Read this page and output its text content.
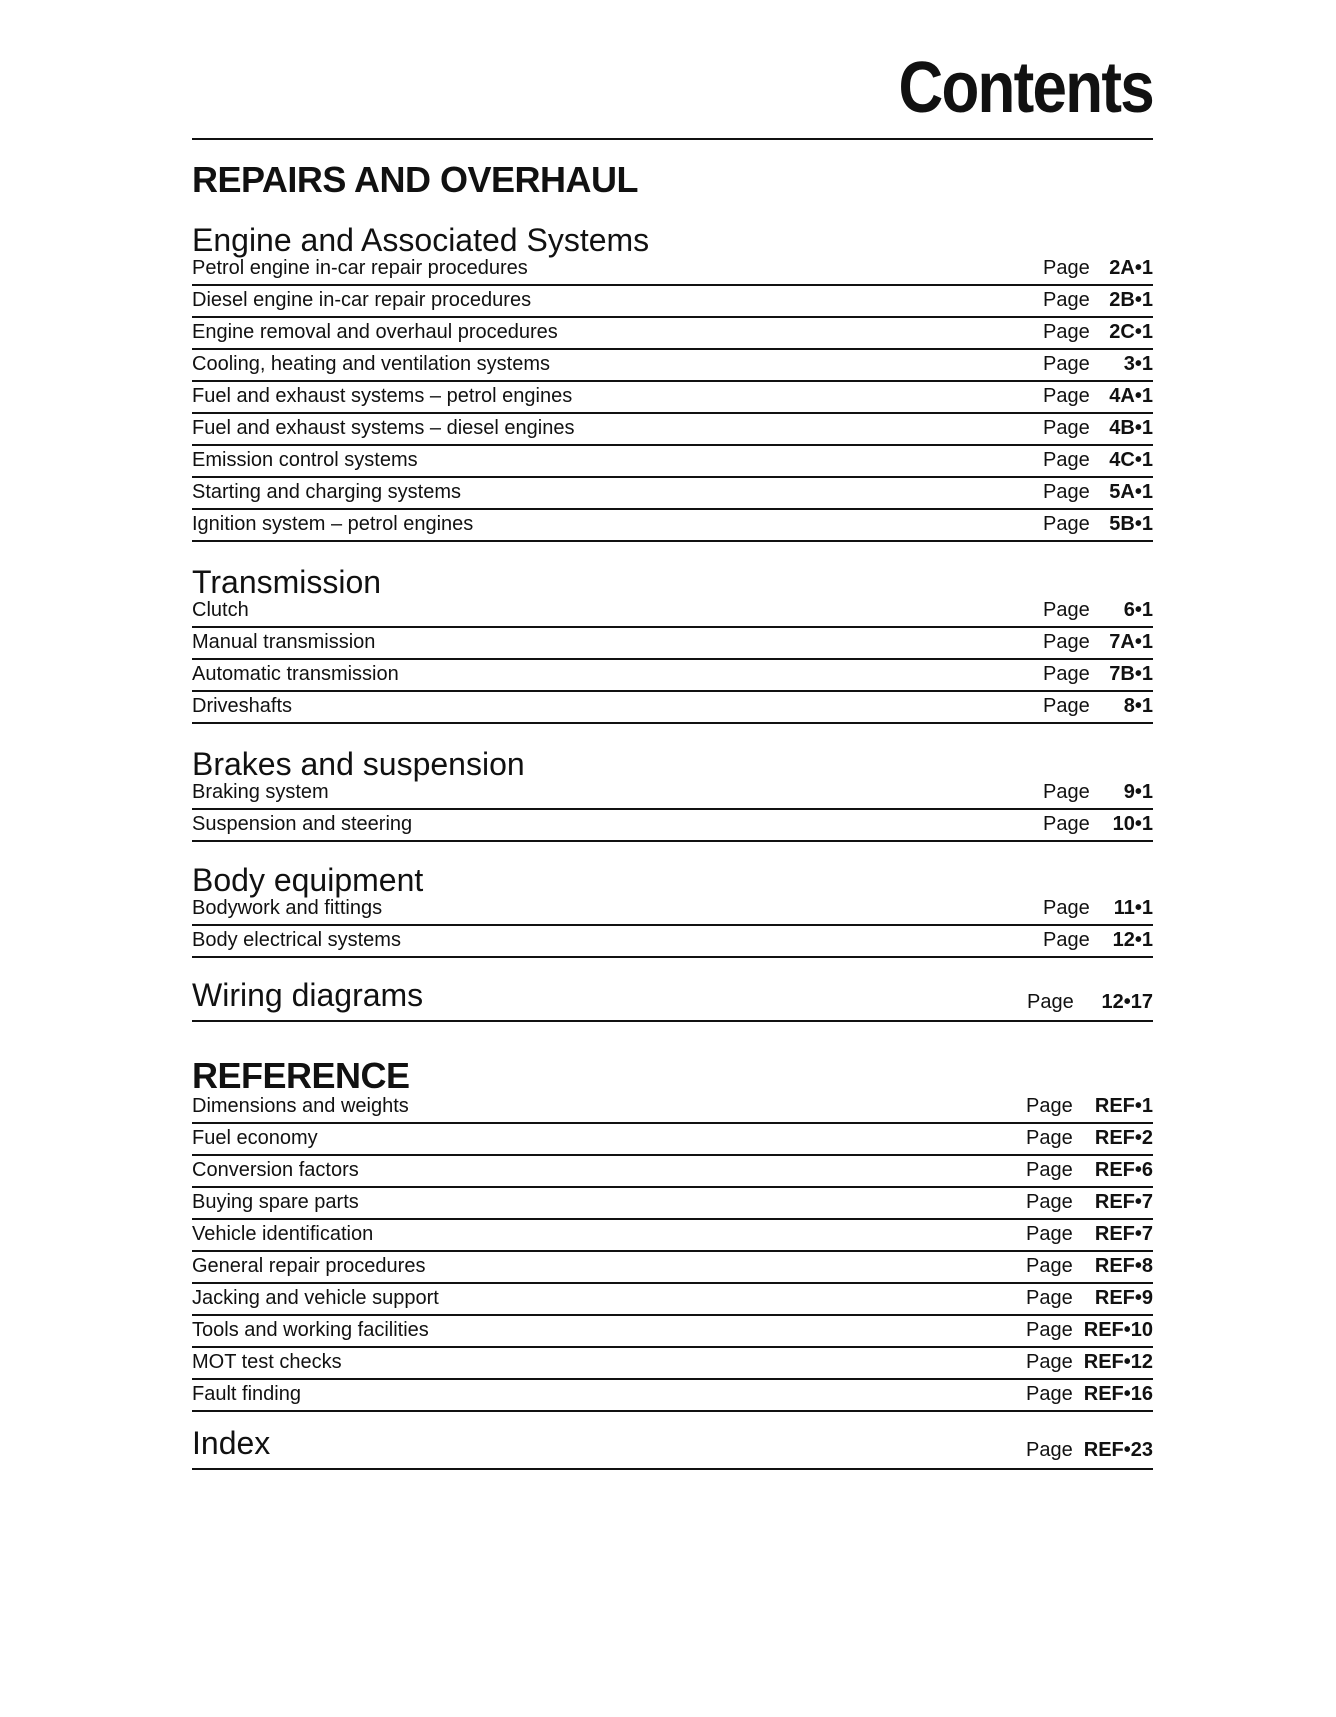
Contents
REPAIRS AND OVERHAUL
Engine and Associated Systems
Petrol engine in-car repair procedures	Page 2A•1
Diesel engine in-car repair procedures	Page 2B•1
Engine removal and overhaul procedures	Page 2C•1
Cooling, heating and ventilation systems	Page	3•1
Fuel and exhaust systems – petrol engines	Page 4A•1
Fuel and exhaust systems – diesel engines	Page 4B•1
Emission control systems	Page 4C•1
Starting and charging systems	Page 5A•1
Ignition system – petrol engines	Page 5B•1
Transmission
Clutch	Page	6•1
Manual transmission	Page 7A•1
Automatic transmission	Page 7B•1
Driveshafts	Page	8•1
Brakes and suspension
Braking system	Page	9•1
Suspension and steering	Page	10•1
Body equipment
Bodywork and fittings	Page	11•1
Body electrical systems	Page	12•1
Wiring diagrams	Page	12•17
REFERENCE
Dimensions and weights	Page	REF•1
Fuel economy	Page	REF•2
Conversion factors	Page	REF•6
Buying spare parts	Page	REF•7
Vehicle identification	Page	REF•7
General repair procedures	Page	REF•8
Jacking and vehicle support	Page	REF•9
Tools and working facilities	Page REF•10
MOT test checks	Page REF•12
Fault finding	Page REF•16
Index	Page REF•23
